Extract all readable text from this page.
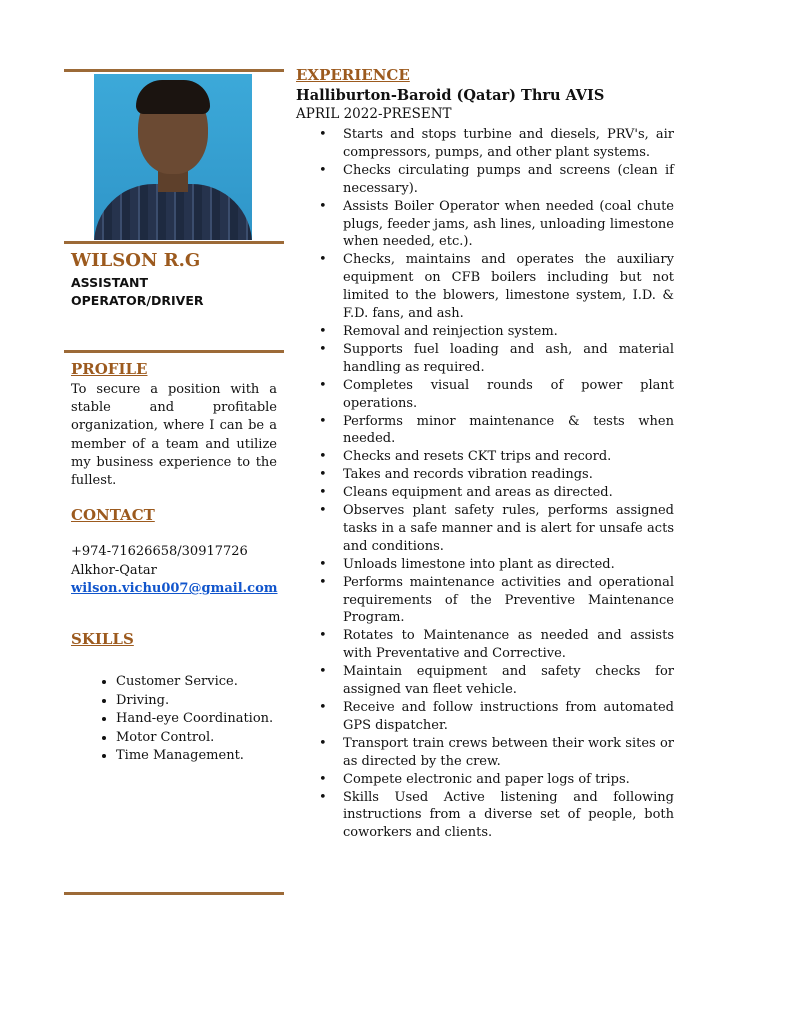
WILSON R.G
ASSISTANT OPERATOR/DRIVER
PROFILE
To secure a position with a stable and profitable organization, where I can be a member of a team and utilize my business experience to the fullest.
CONTACT
+974-71626658/30917726
Alkhor-Qatar
wilson.vichu007@gmail.com
SKILLS
• Customer Service.
• Driving.
• Hand-eye Coordination.
• Motor Control.
• Time Management.
EXPERIENCE
Halliburton-Baroid (Qatar) Thru AVIS
APRIL 2022-PRESENT
• Starts and stops turbine and diesels, PRV's, air compressors, pumps, and other plant systems.
• Checks circulating pumps and screens (clean if necessary).
• Assists Boiler Operator when needed (coal chute plugs, feeder jams, ash lines, unloading limestone when needed, etc.).
• Checks, maintains and operates the auxiliary equipment on CFB boilers including but not limited to the blowers, limestone system, I.D. & F.D. fans, and ash.
• Removal and reinjection system.
• Supports fuel loading and ash, and material handling as required.
• Completes visual rounds of power plant operations.
• Performs minor maintenance & tests when needed.
• Checks and resets CKT trips and record.
• Takes and records vibration readings.
• Cleans equipment and areas as directed.
• Observes plant safety rules, performs assigned tasks in a safe manner and is alert for unsafe acts and conditions.
• Unloads limestone into plant as directed.
• Performs maintenance activities and operational requirements of the Preventive Maintenance Program.
• Rotates to Maintenance as needed and assists with Preventative and Corrective.
• Maintain equipment and safety checks for assigned van fleet vehicle.
• Receive and follow instructions from automated GPS dispatcher.
• Transport train crews between their work sites or as directed by the crew.
• Compete electronic and paper logs of trips.
• Skills Used Active listening and following instructions from a diverse set of people, both coworkers and clients.
